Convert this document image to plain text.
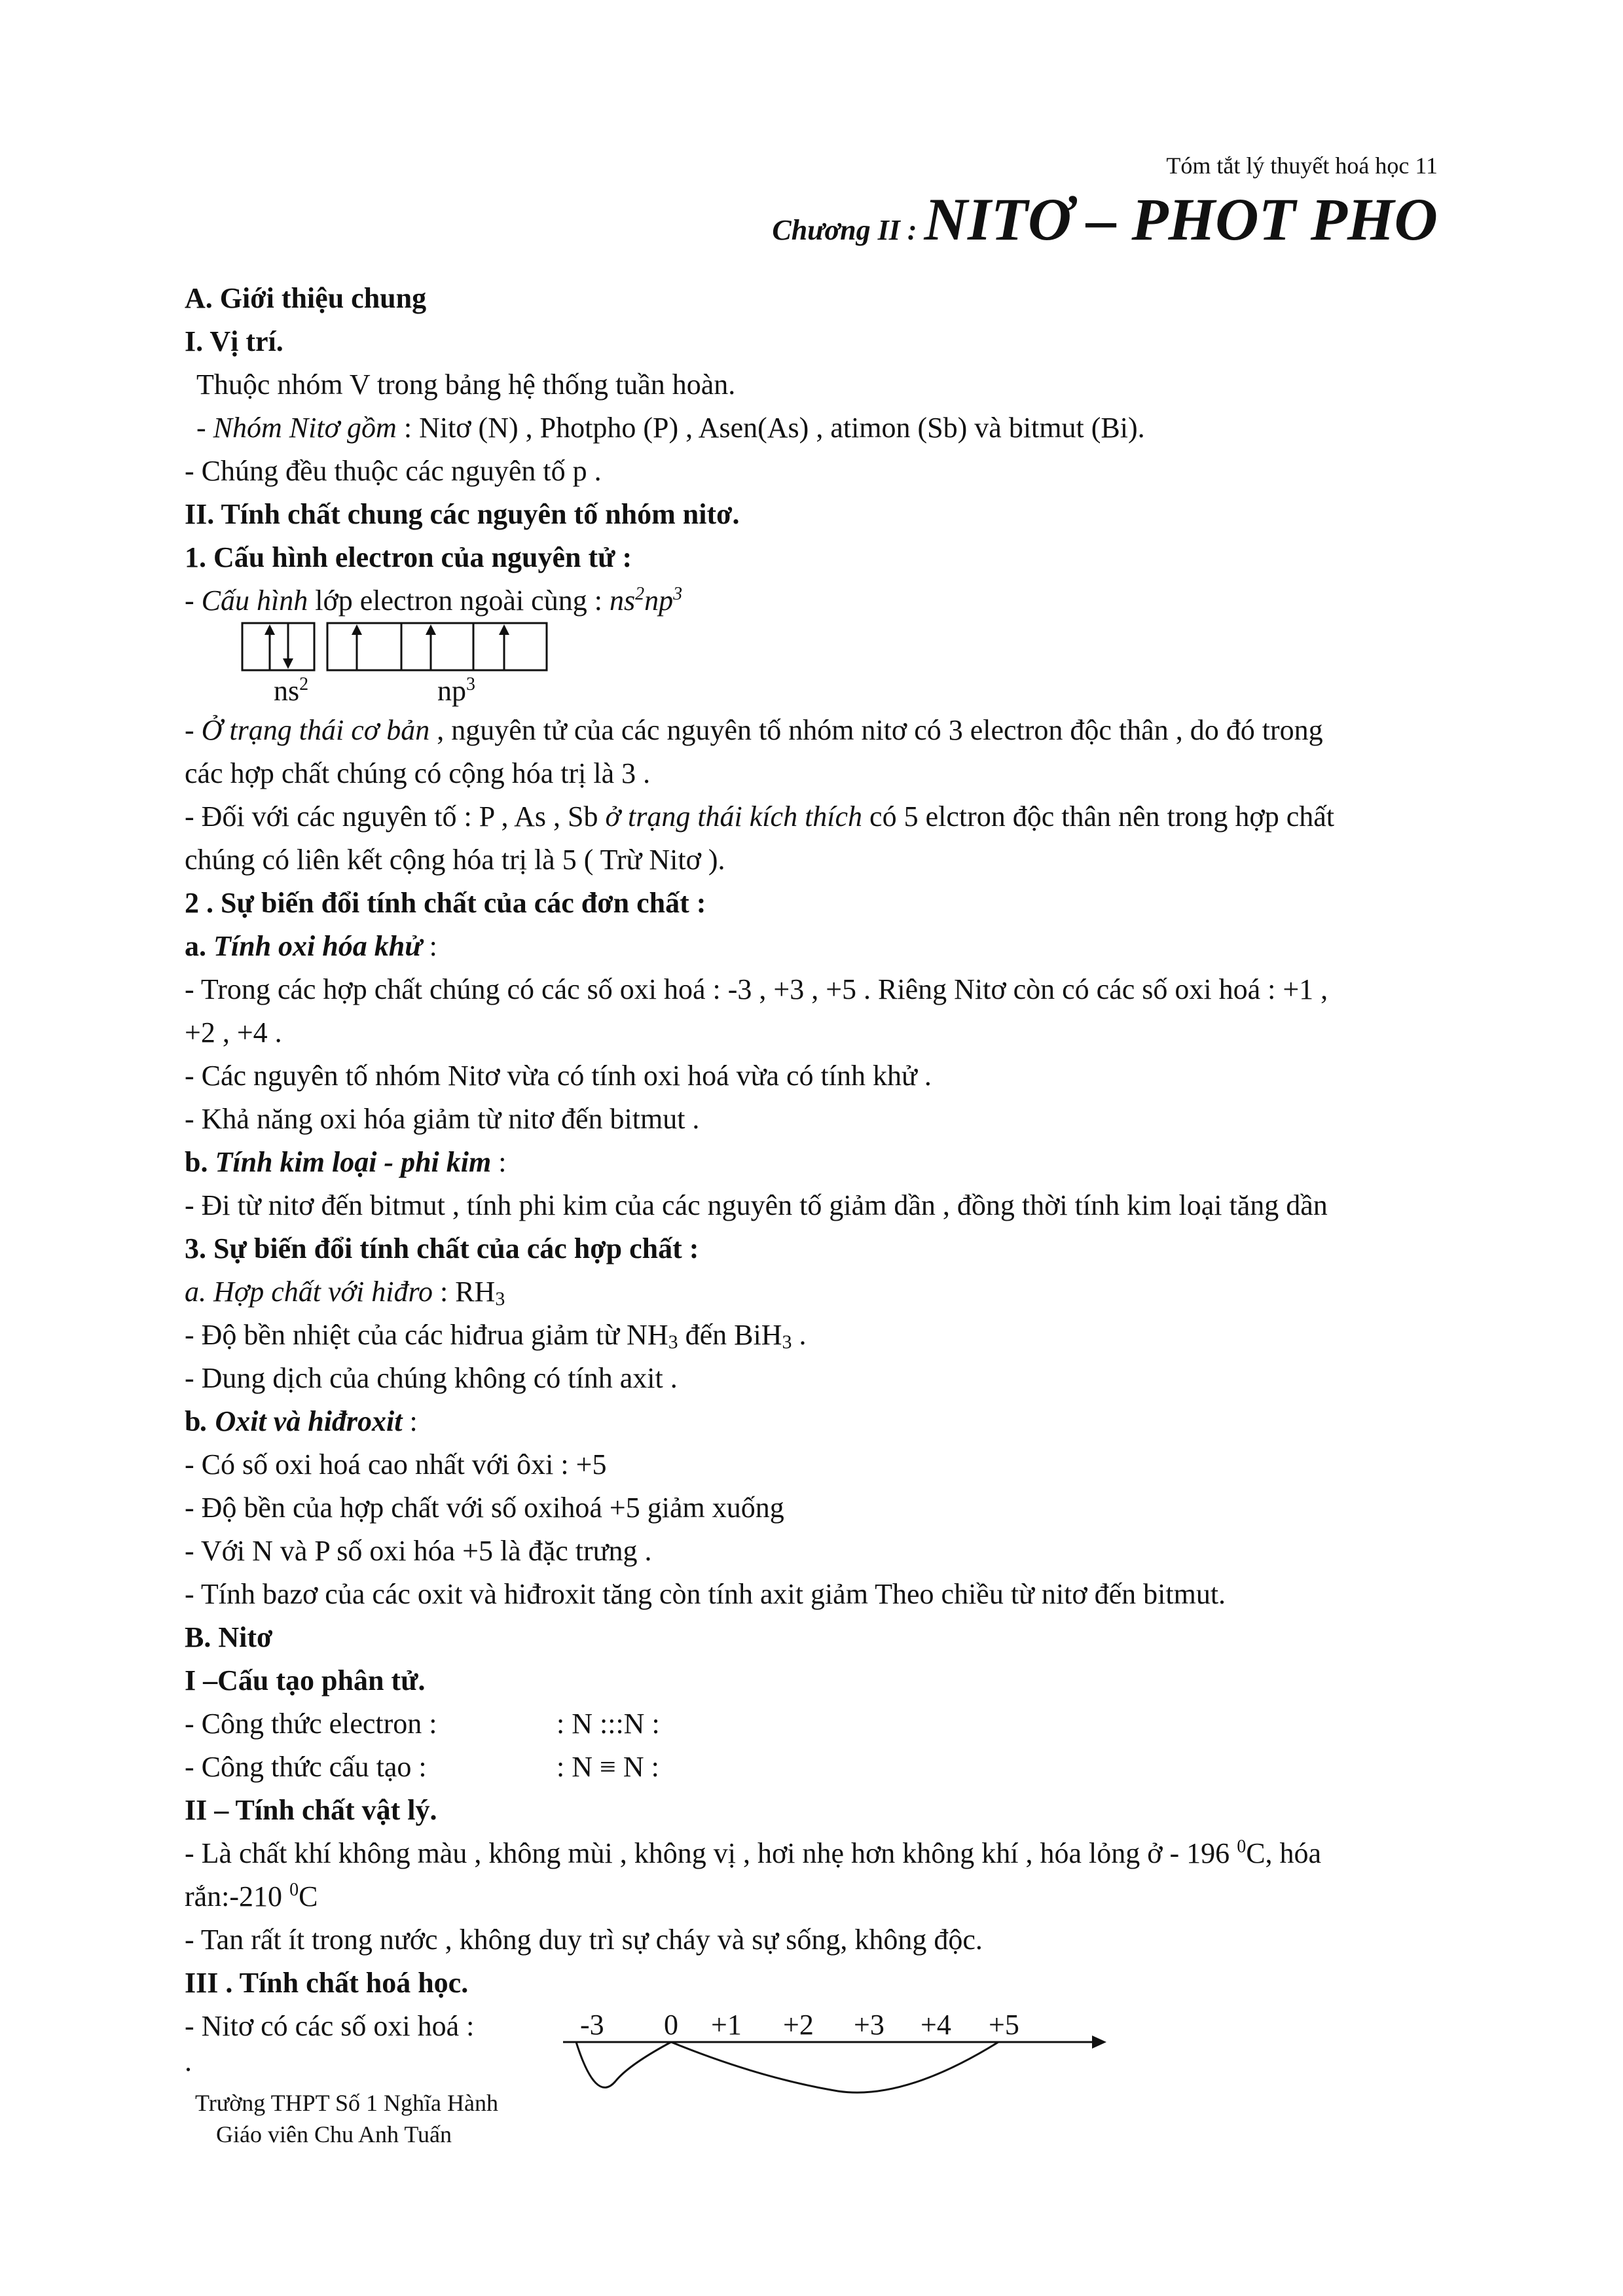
Tóm tắt lý thuyết hoá học 11
Chương II : NITƠ – PHOT PHO
A. Giới thiệu chung
I. Vị trí.
Thuộc nhóm V trong bảng hệ thống tuần hoàn.
- Nhóm Nitơ gồm : Nitơ (N) , Photpho (P) , Asen(As) , atimon (Sb) và bitmut (Bi).
- Chúng đều thuộc các nguyên tố p .
II. Tính chất chung các nguyên tố nhóm nitơ.
1. Cấu hình electron của nguyên tử :
- Cấu hình lớp electron ngoài cùng : $ns^2np^3$
$ns^2$	$np^3$
- Ở trạng thái cơ bản , nguyên tử của các nguyên tố nhóm nitơ có 3 electron độc thân , do đó trong
các hợp chất chúng có cộng hóa trị là 3 .
- Đối với các nguyên tố : P , As , Sb ở trạng thái kích thích có 5 elctron độc thân nên trong hợp chất
chúng có liên kết cộng hóa trị là 5 ( Trừ Nitơ ).
2 . Sự biến đổi tính chất của các đơn chất :
a. Tính oxi hóa khử :
- Trong các hợp chất chúng có các số oxi hoá : -3 , +3 , +5 . Riêng Nitơ còn có các số oxi hoá : +1 ,
+2 , +4 .
- Các nguyên tố nhóm Nitơ vừa có tính oxi hoá vừa có tính khử .
- Khả năng oxi hóa giảm từ nitơ đến bitmut .
b. Tính kim loại - phi kim :
- Đi từ nitơ đến bitmut , tính phi kim của các nguyên tố giảm dần , đồng thời tính kim loại tăng dần
3. Sự biến đổi tính chất của các hợp chất :
a. Hợp chất với hiđro : $RH_3$
- Độ bền nhiệt của các hiđrua giảm từ $NH_3$ đến BiH$_3$ .
- Dung dịch của chúng không có tính axit .
b. Oxit và hiđroxit :
- Có số oxi hoá cao nhất với ôxi : +5
- Độ bền của hợp chất với số oxihoá +5 giảm xuống
- Với N và P số oxi hóa +5 là đặc trưng .
- Tính bazơ của các oxit và hiđroxit tăng còn tính axit giảm Theo chiều từ nitơ đến bitmut.
B. Nitơ
I –Cấu tạo phân tử.
- Công thức electron :	: N :::N :
- Công thức cấu tạo :	: N ≡ N :
II – Tính chất vật lý.
- Là chất khí không màu , không mùi , không vị , hơi nhẹ hơn không khí , hóa lỏng ở - 196 $^0$C, hóa
rắn:-210 $^0$C
- Tan rất ít trong nước , không duy trì sự cháy và sự sống, không độc.
III . Tính chất hoá học.
- Nitơ có các số oxi hoá :
.
-3 0 +1 +2 +3 +4 +5
Trường THPT Số 1 Nghĩa Hành
Giáo viên Chu Anh Tuấn
